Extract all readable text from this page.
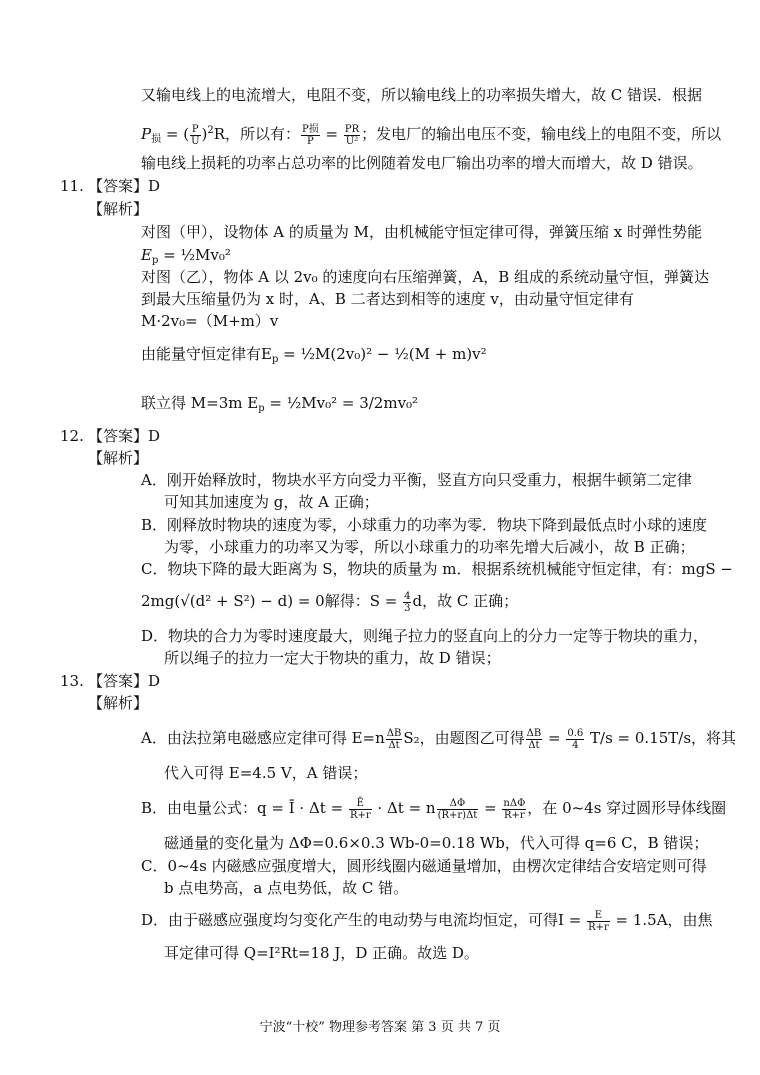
又输电线上的电流增大，电阻不变，所以输电线上的功率损失增大，故 C 错误．根据
$P_损$ = ( $\frac{P}{U} )^2R$，所以有： $\frac{\text{P损}}{P} = \frac{PR}{\text{U²}}$ ；发电厂的输出电压不变，输电线上的电阻不变，所以
输电线上损耗的功率占总功率的比例随着发电厂输出功率的增大而增大，故 D 错误。
11. 【答案】D
【解析】
对图（甲），设物体 A 的质量为 M，由机械能守恒定律可得，弹簧压缩 x 时弹性势能
$E_p$ = ½Mv₀²
对图（乙），物体 A 以 2v₀ 的速度向右压缩弹簧，A，B 组成的系统动量守恒，弹簧达
到最大压缩量仍为 x 时，A、B 二者达到相等的速度 v，由动量守恒定律有
M·2v₀=（M+m）v
由能量守恒定律有$E_p$ = ½M(2v₀)² − ½(M + m)v²
联立得 M=3m $E_p$ = ½Mv₀² = 3/2mv₀²
12. 【答案】D
【解析】
A．刚开始释放时，物块水平方向受力平衡，竖直方向只受重力，根据牛顿第二定律
可知其加速度为 g，故 A 正确；
B．刚释放时物块的速度为零，小球重力的功率为零．物块下降到最低点时小球的速度
为零，小球重力的功率又为零，所以小球重力的功率先增大后减小，故 B 正确；
C．物块下降的最大距离为 S，物块的质量为 m．根据系统机械能守恒定律，有：mgS −
2mg(√(d² + S²) − d) = 0解得：$S = \frac{4}{3}$ d，故 C 正确；
D．物块的合力为零时速度最大，则绳子拉力的竖直向上的分力一定等于物块的重力，
所以绳子的拉力一定大于物块的重力，故 D 错误；
13. 【答案】D
【解析】
A．由法拉第电磁感应定律可得 $E=n \frac{\Delta B}{\Delta t} S_2$，由题图乙可得 $\frac{\Delta B}{\Delta t} = \frac{0.6}{4} T/s = 0.15T/s$，将其
代入可得 E=4.5 V，A 错误；
B．由电量公式：q = Ī · $\Delta t = \frac{Ē}{R+r} \cdot \Delta t = n \frac{\Delta\Phi}{(R+r)\Delta t} = \frac{\text{nΔΦ}}{R+r}$ ，在 0~4s 穿过圆形导体线圈
磁通量的变化量为 ΔΦ=0.6×0.3 Wb-0=0.18 Wb，代入可得 q=6 C，B 错误；
C．0~4s 内磁感应强度增大，圆形线圈内磁通量增加，由楞次定律结合安培定则可得
b 点电势高，a 点电势低，故 C 错。
D．由于磁感应强度均匀变化产生的电动势与电流均恒定，可得$I = \frac{E}{R+r} = 1.5A$，由焦
耳定律可得 Q=I²Rt=18 J，D 正确。故选 D。
宁波“十校” 物理参考答案 第 3 页 共 7 页
